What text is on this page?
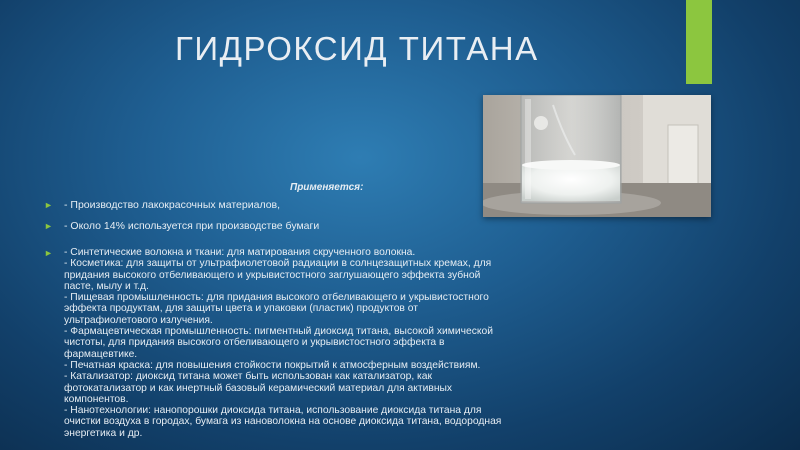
ГИДРОКСИД ТИТАНА
Применяется:
► - Производство лакокрасочных материалов,
► - Около 14% используется при производстве бумаги
► - Синтетические волокна и ткани: для матирования скрученного волокна.
- Косметика: для защиты от ультрафиолетовой радиации в солнцезащитных кремах, для
придания высокого отбеливающего и укрывистостного заглушающего эффекта зубной
пасте, мылу и т.д.
- Пищевая промышленность: для придания высокого отбеливающего и укрывистостного
эффекта продуктам, для защиты цвета и упаковки (пластик) продуктов от
ультрафиолетового излучения.
- Фармацевтическая промышленность: пигментный диоксид титана, высокой химической
чистоты, для придания высокого отбеливающего и укрывистостного эффекта в
фармацевтике.
- Печатная краска: для повышения стойкости покрытий к атмосферным воздействиям.
- Катализатор: диоксид титана может быть использован как катализатор, как
фотокатализатор и как инертный базовый керамический материал для активных
компонентов.
- Нанотехнологии: нанопорошки диоксида титана, использование диоксида титана для
очистки воздуха в городах, бумага из нановолокна на основе диоксида титана, водородная
энергетика и др.
